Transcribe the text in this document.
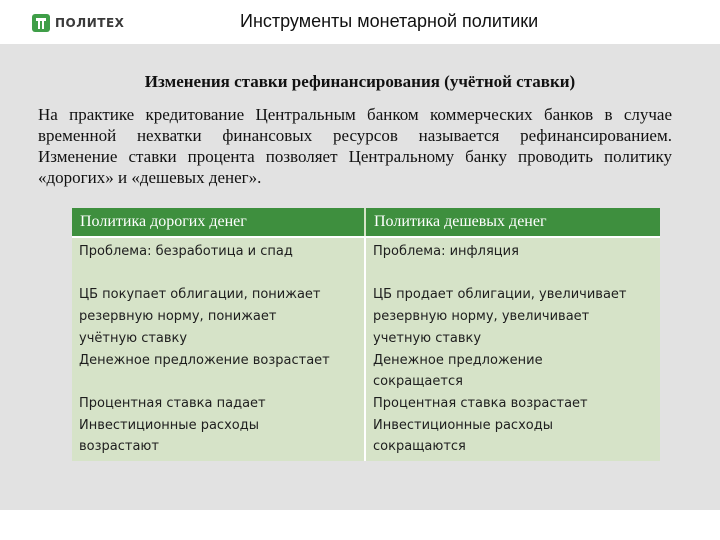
ПОЛИТЕХ	Инструменты монетарной политики
Изменения ставки рефинансирования (учётной ставки)
На практике кредитование Центральным банком коммерческих банков в случае временной нехватки финансовых ресурсов называется рефинансированием. Изменение ставки процента позволяет Центральному банку проводить политику «дорогих» и «дешевых денег».
Политика дорогих денег	Политика дешевых денег
Проблема: безработица и спад
ЦБ покупает облигации, понижает
резервную норму, понижает
учётную ставку
Денежное предложение возрастает
Процентная ставка падает
Инвестиционные расходы
возрастают
Проблема: инфляция
ЦБ продает облигации, увеличивает
резервную норму, увеличивает
учетную ставку
Денежное предложение
сокращается
Процентная ставка возрастает
Инвестиционные расходы
сокращаются
